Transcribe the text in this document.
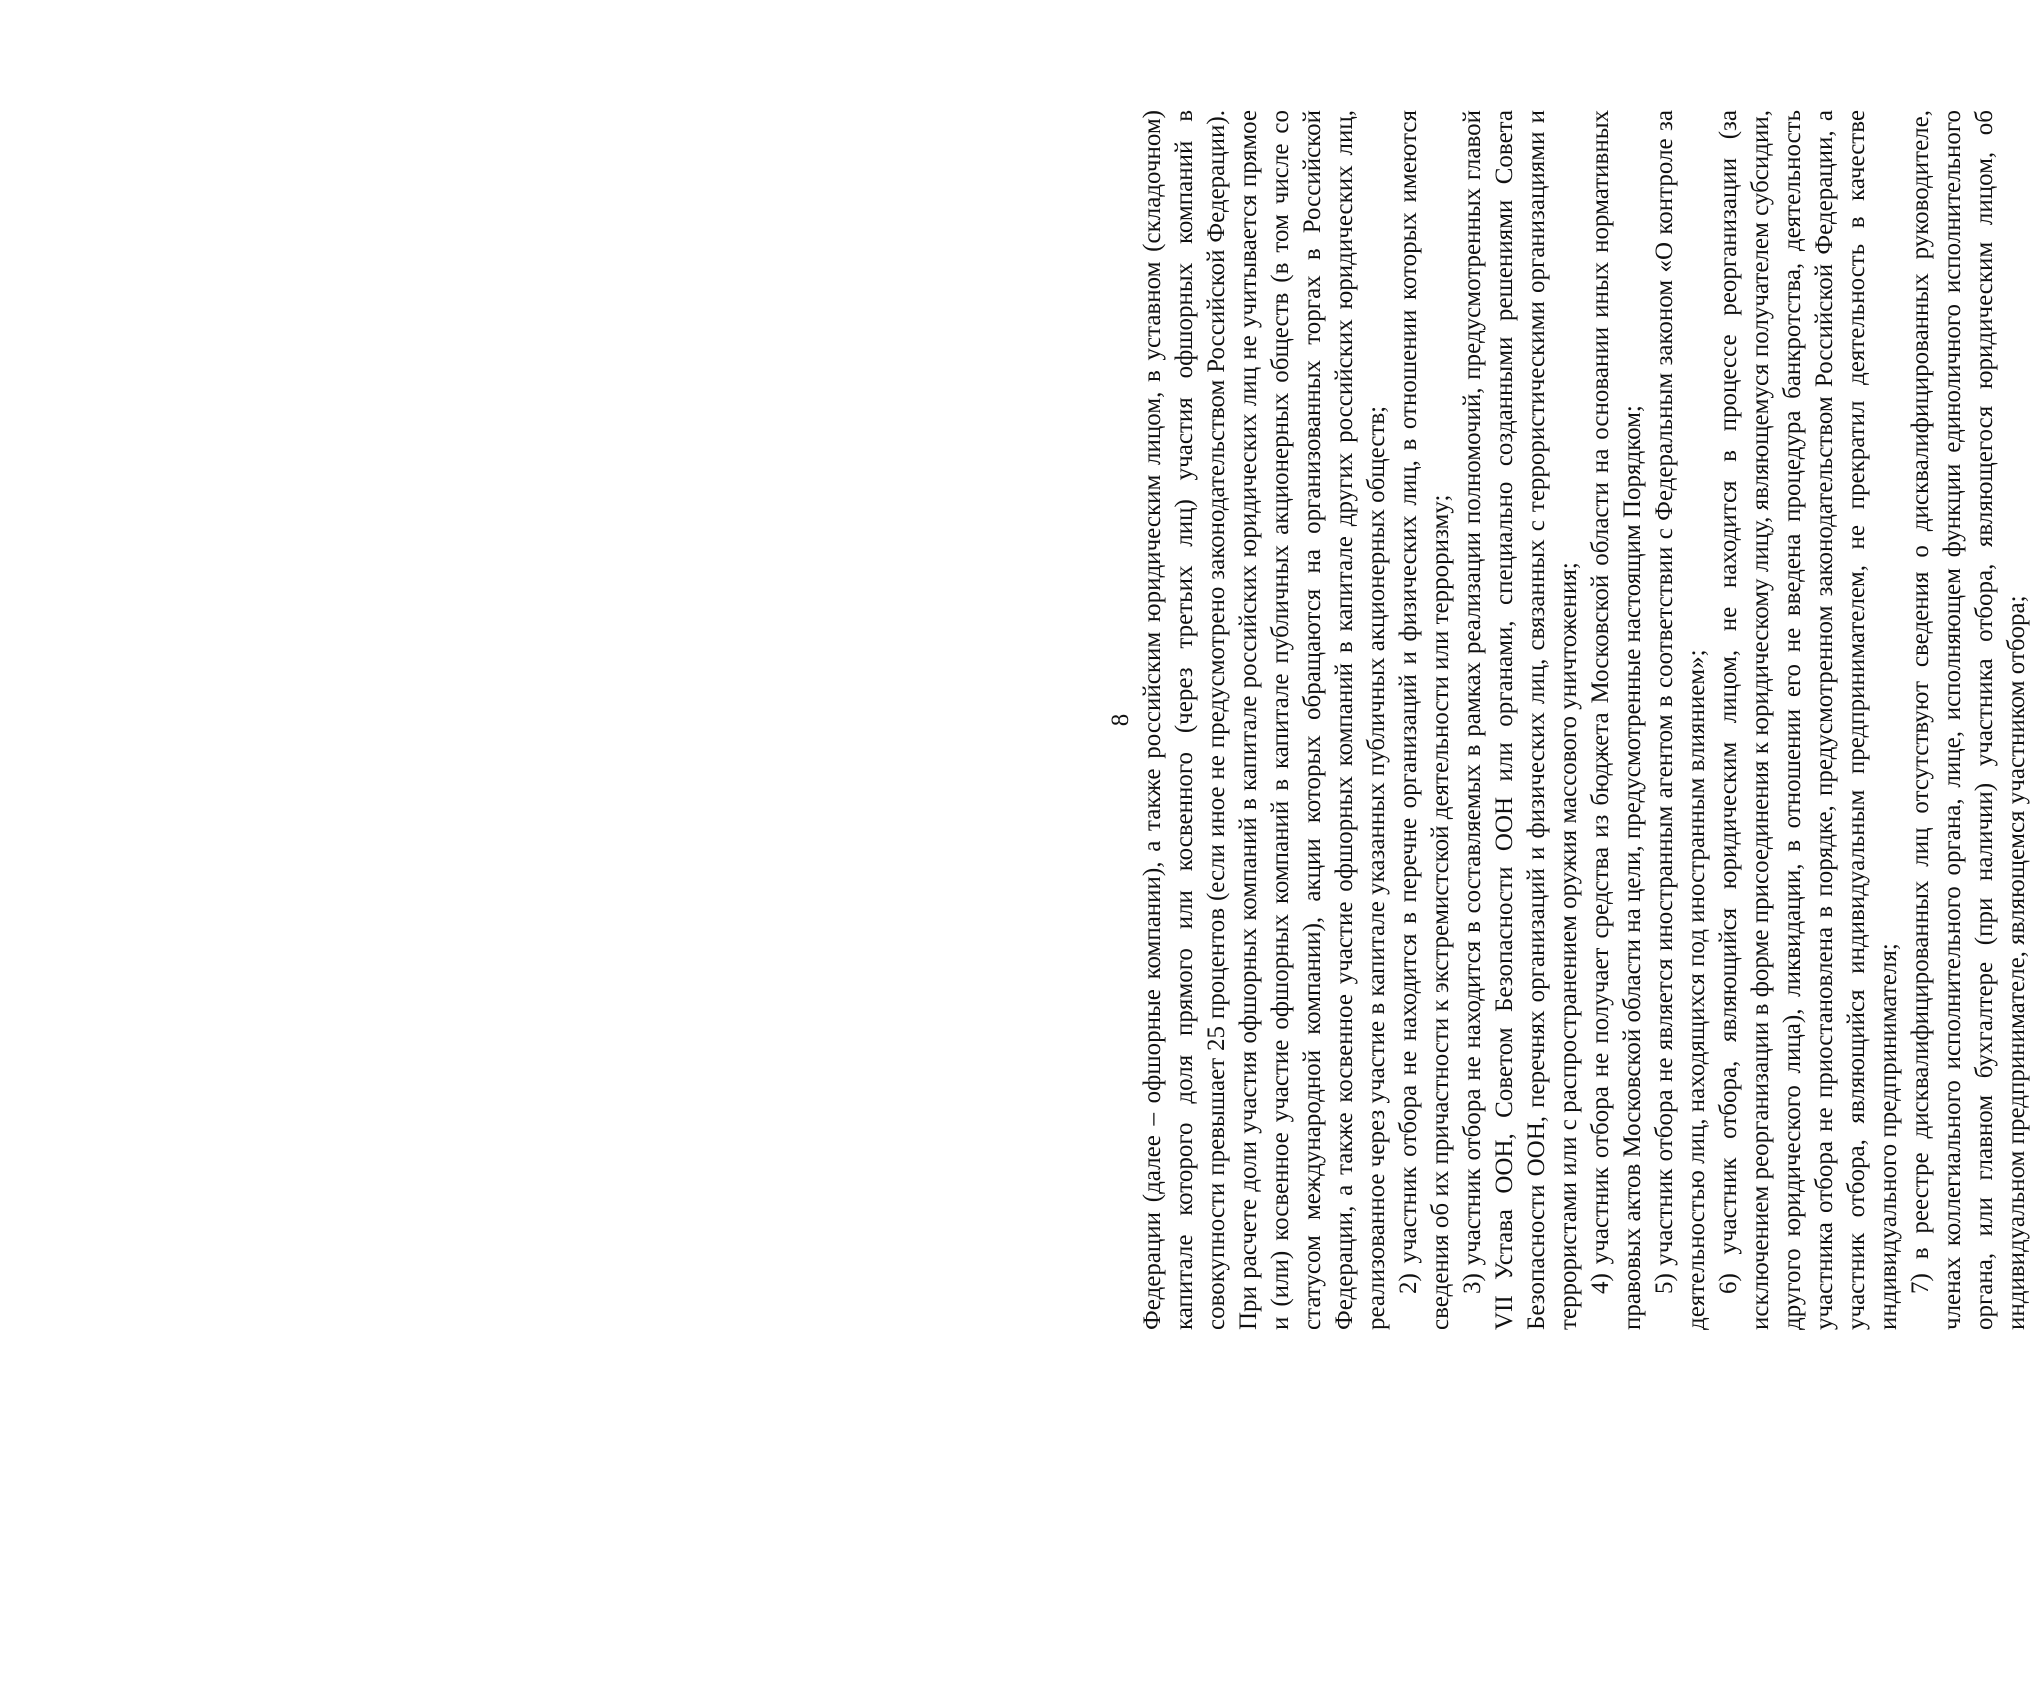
8 Федерации (далее – офшорные компании), а также российским юридическим лицом, в уставном (складочном) капитале которого доля прямого или косвенного (через третьих лиц) участия офшорных компаний в совокупности превышает 25 процентов (если иное не предусмотрено законодательством Российской Федерации). При расчете доли участия офшорных компаний в капитале российских юридических лиц не учитывается прямое и (или) косвенное участие офшорных компаний в капитале публичных акционерных обществ (в том числе со статусом международной компании), акции которых обращаются на организованных торгах в Российской Федерации, а также косвенное участие офшорных компаний в капитале других российских юридических лиц, реализованное через участие в капитале указанных публичных акционерных обществ; 2) участник отбора не находится в перечне организаций и физических лиц, в отношении которых имеются сведения об их причастности к экстремистской деятельности или терроризму; 3) участник отбора не находится в составляемых в рамках реализации полномочий, предусмотренных главой VII Устава ООН, Советом Безопасности ООН или органами, специально созданными решениями Совета Безопасности ООН, перечнях организаций и физических лиц, связанных с террористическими организациями и террористами или с распространением оружия массового уничтожения; 4) участник отбора не получает средства из бюджета Московской области на основании иных нормативных правовых актов Московской области на цели, предусмотренные настоящим Порядком; 5) участник отбора не является иностранным агентом в соответствии с Федеральным законом «О контроле за деятельностью лиц, находящихся под иностранным влиянием»; 6) участник отбора, являющийся юридическим лицом, не находится в процессе реорганизации (за исключением реорганизации в форме присоединения к юридическому лицу, являющемуся получателем субсидии, другого юридического лица), ликвидации, в отношении его не введена процедура банкротства, деятельность участника отбора не приостановлена в порядке, предусмотренном законодательством Российской Федерации, а участник отбора, являющийся индивидуальным предпринимателем, не прекратил деятельность в качестве индивидуального предпринимателя; 7) в реестре дисквалифицированных лиц отсутствуют сведения о дисквалифицированных руководителе, членах коллегиального исполнительного органа, лице, исполняющем функции единоличного исполнительного органа, или главном бухгалтере (при наличии) участника отбора, являющегося юридическим лицом, об индивидуальном предпринимателе, являющемся участником отбора;
